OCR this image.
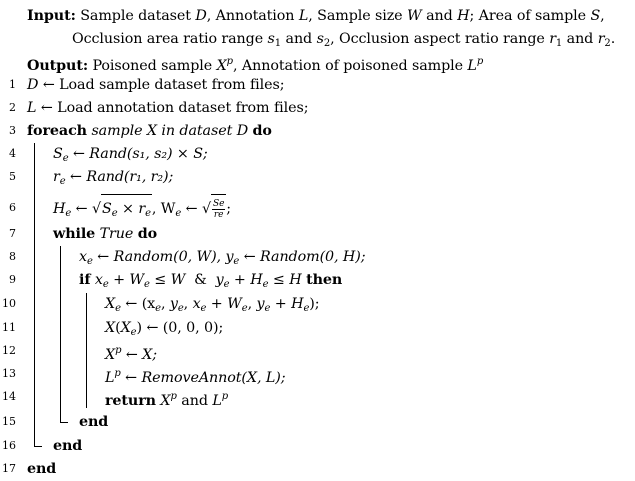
Input: Sample dataset D, Annotation L, Sample size W and H; Area of sample S,
Occlusion area ratio range $s_1$ and $s_2$, Occlusion aspect ratio range $r_1$ and $r_2$.
Output: Poisoned sample $X^p$, Annotation of poisoned sample $L^p$
1 D ← Load sample dataset from files;
2 L ← Load annotation dataset from files;
3 foreach sample X in dataset D do
4	$S_e$ ← Rand(s₁, s₂) × S;
5	$r_e$ ← Rand(r₁, r₂);
6	$H_e$ ← $√S_e \times r_e$, $W_e$ ← √ $\frac{Se}{re}$ ;
7	while True do
8	$x_e$ ← Random(0, W), $y_e$ ← Random(0, H);
9	if $x_e + W_e \le W$  &  $y_e + H_e \le H$ then
10	$X_e$ ← ($x_e$, $y_e$, $x_e + W_e$, $y_e + H_e$);
11	$X(X_e)$ ← (0, 0, 0);
12	$X^p$ ← X;
13	$L^p$ ← RemoveAnnot(X, L);
14	return $X^p$ and $L^p$
15	end
16	end
17 end
